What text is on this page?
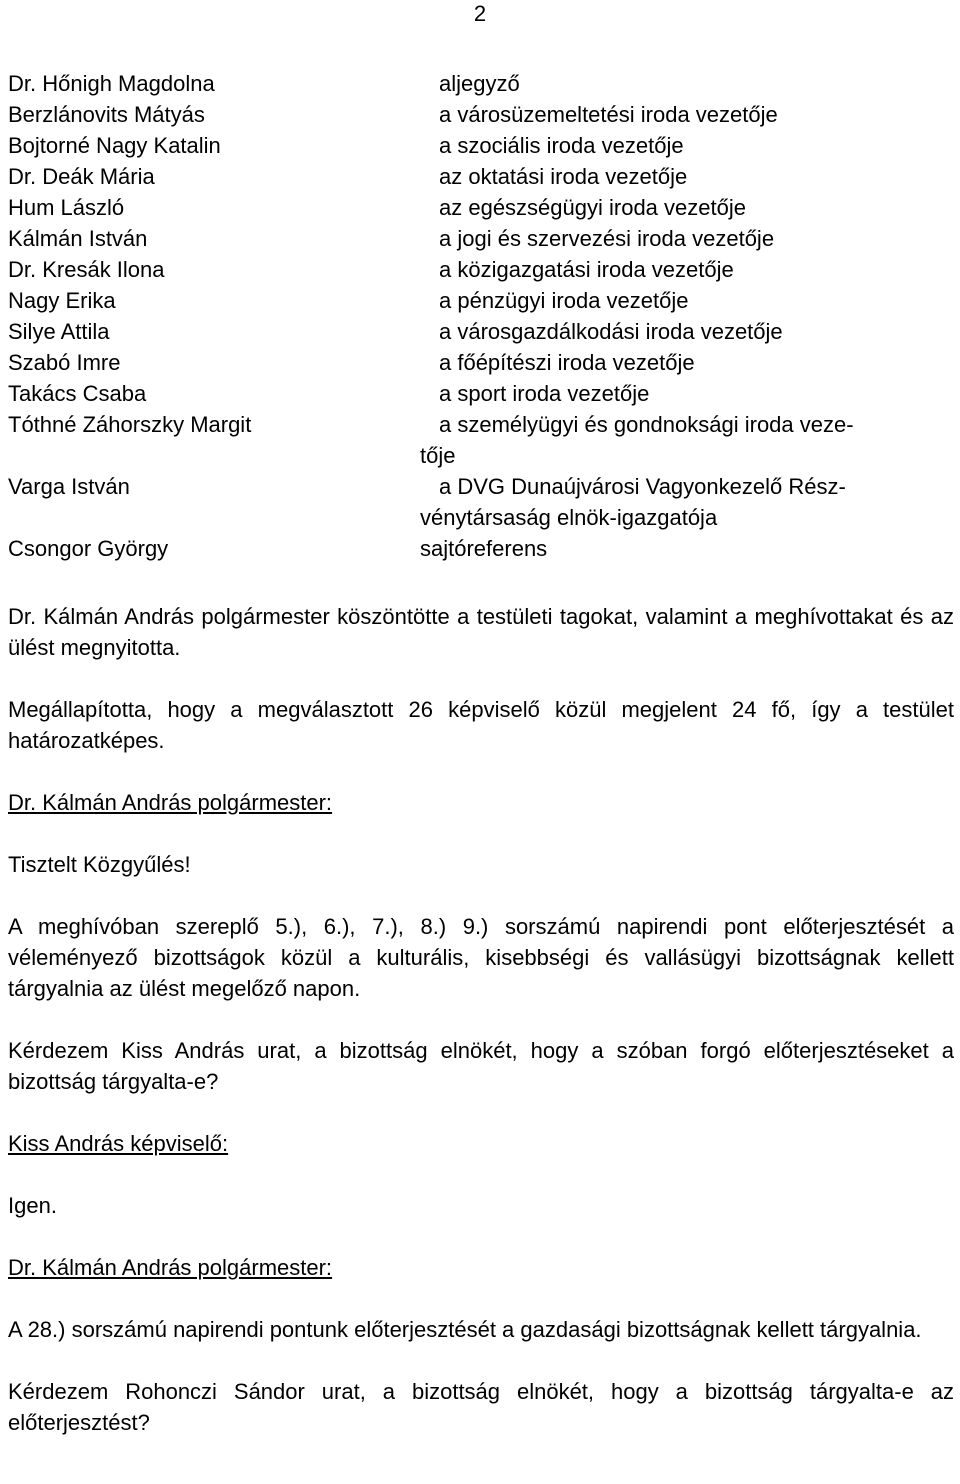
2
Dr. Hőnigh Magdolna	aljegyző
Berzlánovits Mátyás	a városüzemeltetési iroda vezetője
Bojtorné Nagy Katalin	a szociális iroda vezetője
Dr. Deák Mária	az oktatási iroda vezetője
Hum László	az egészségügyi iroda vezetője
Kálmán István	a jogi és szervezési iroda vezetője
Dr. Kresák Ilona	a közigazgatási iroda vezetője
Nagy Erika	a pénzügyi iroda vezetője
Silye Attila	a városgazdálkodási iroda vezetője
Szabó Imre	a főépítészi iroda vezetője
Takács Csaba	a sport iroda vezetője
Tóthné Záhorszky Margit	a személyügyi és gondnoksági iroda veze-
tője
Varga István	a DVG Dunaújvárosi Vagyonkezelő Rész-
vénytársaság elnök-igazgatója
Csongor György	sajtóreferens

Dr. Kálmán András polgármester köszöntötte a testületi tagokat, valamint a meghívottakat és az ülést megnyitotta.

Megállapította, hogy a megválasztott 26 képviselő közül megjelent 24 fő, így a testület határozatképes.

Dr. Kálmán András polgármester:

Tisztelt Közgyűlés!

A meghívóban szereplő 5.), 6.), 7.), 8.) 9.) sorszámú napirendi pont előterjesztését a véleményező bizottságok közül a kulturális, kisebbségi és vallásügyi bizottságnak kellett tárgyalnia az ülést megelőző napon.

Kérdezem Kiss András urat, a bizottság elnökét, hogy a szóban forgó előterjesztéseket a bizottság tárgyalta-e?

Kiss András képviselő:

Igen.

Dr. Kálmán András polgármester:

A 28.) sorszámú napirendi pontunk előterjesztését a gazdasági bizottságnak kellett tárgyalnia.

Kérdezem Rohonczi Sándor urat, a bizottság elnökét, hogy a bizottság tárgyalta-e az előterjesztést?
